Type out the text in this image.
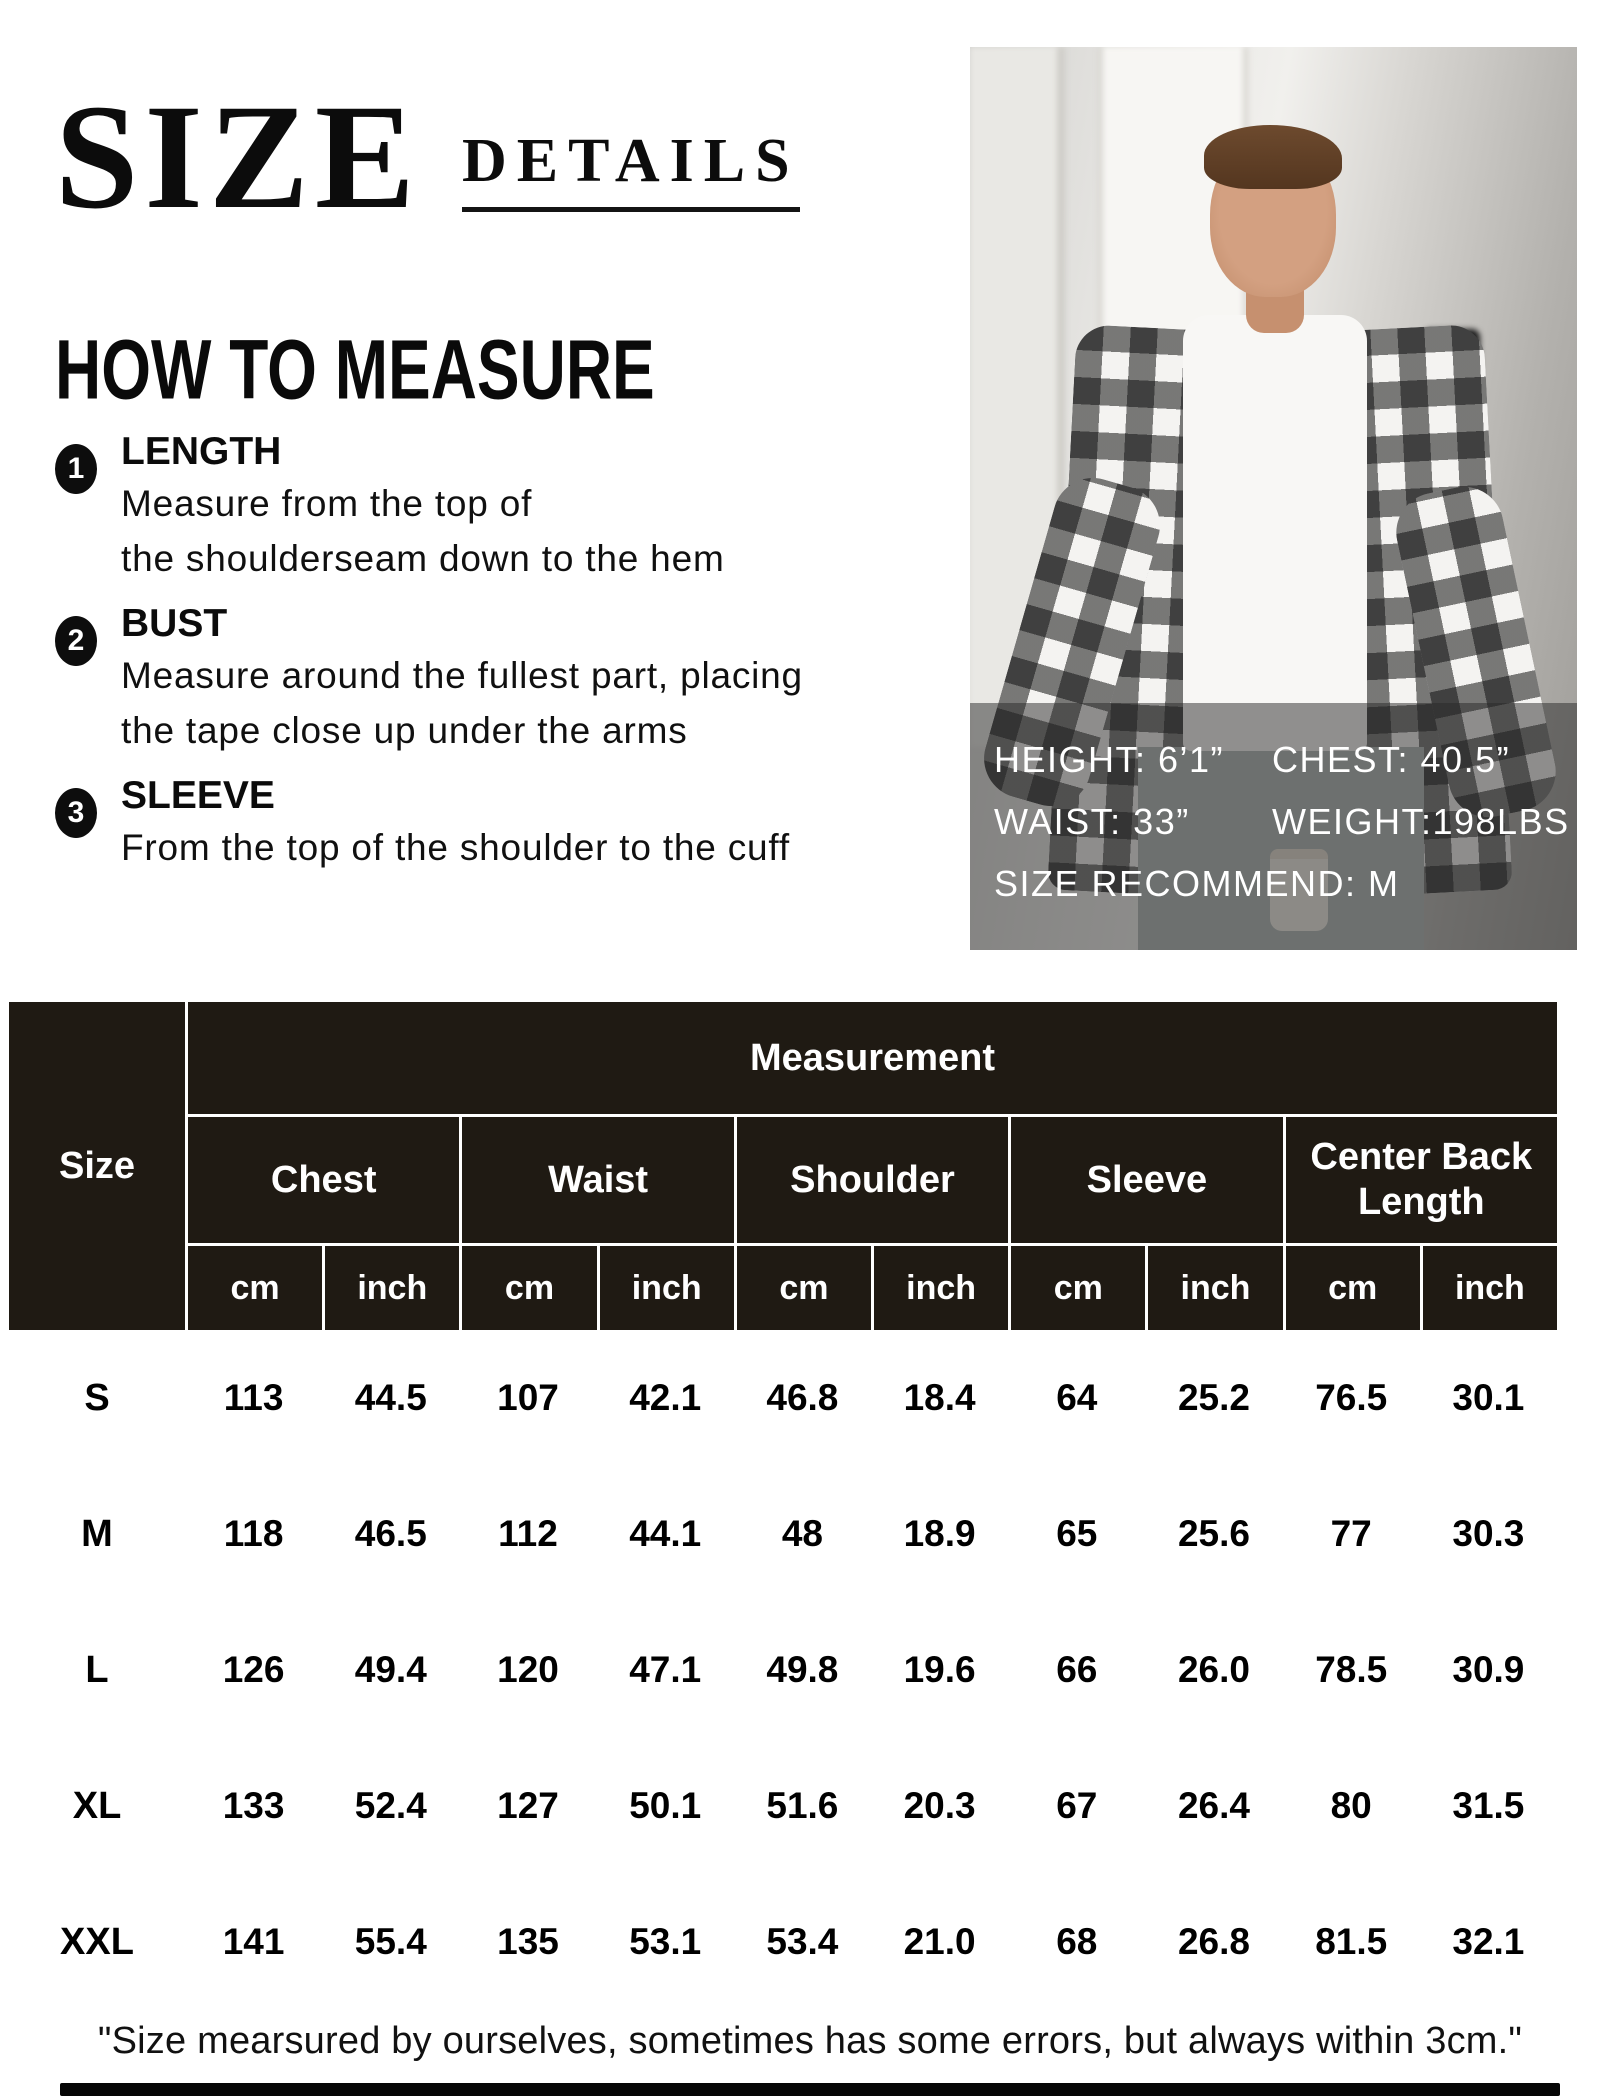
SIZE DETAILS
HOW TO MEASURE
1 LENGTH
Measure from the top of
the shoulderseam down to the hem
2 BUST
Measure around the fullest part, placing
the tape close up under the arms
3 SLEEVE
From the top of the shoulder to the cuff
HEIGHT: 6’1”	CHEST: 40.5”
WAIST: 33”	WEIGHT:198LBS
SIZE RECOMMEND: M
Size
Measurement
Chest	Waist	Shoulder	Sleeve
Center Back Length
cm	inch	cm	inch	cm	inch	cm	inch	cm	inch
S	113	44.5	107	42.1	46.8	18.4	64	25.2	76.5	30.1
M	118	46.5	112	44.1	48	18.9	65	25.6	77	30.3
L	126	49.4	120	47.1	49.8	19.6	66	26.0	78.5	30.9
XL	133	52.4	127	50.1	51.6	20.3	67	26.4	80	31.5
XXL	141	55.4	135	53.1	53.4	21.0	68	26.8	81.5	32.1

"Size mearsured by ourselves, sometimes has some errors, but always within 3cm."
